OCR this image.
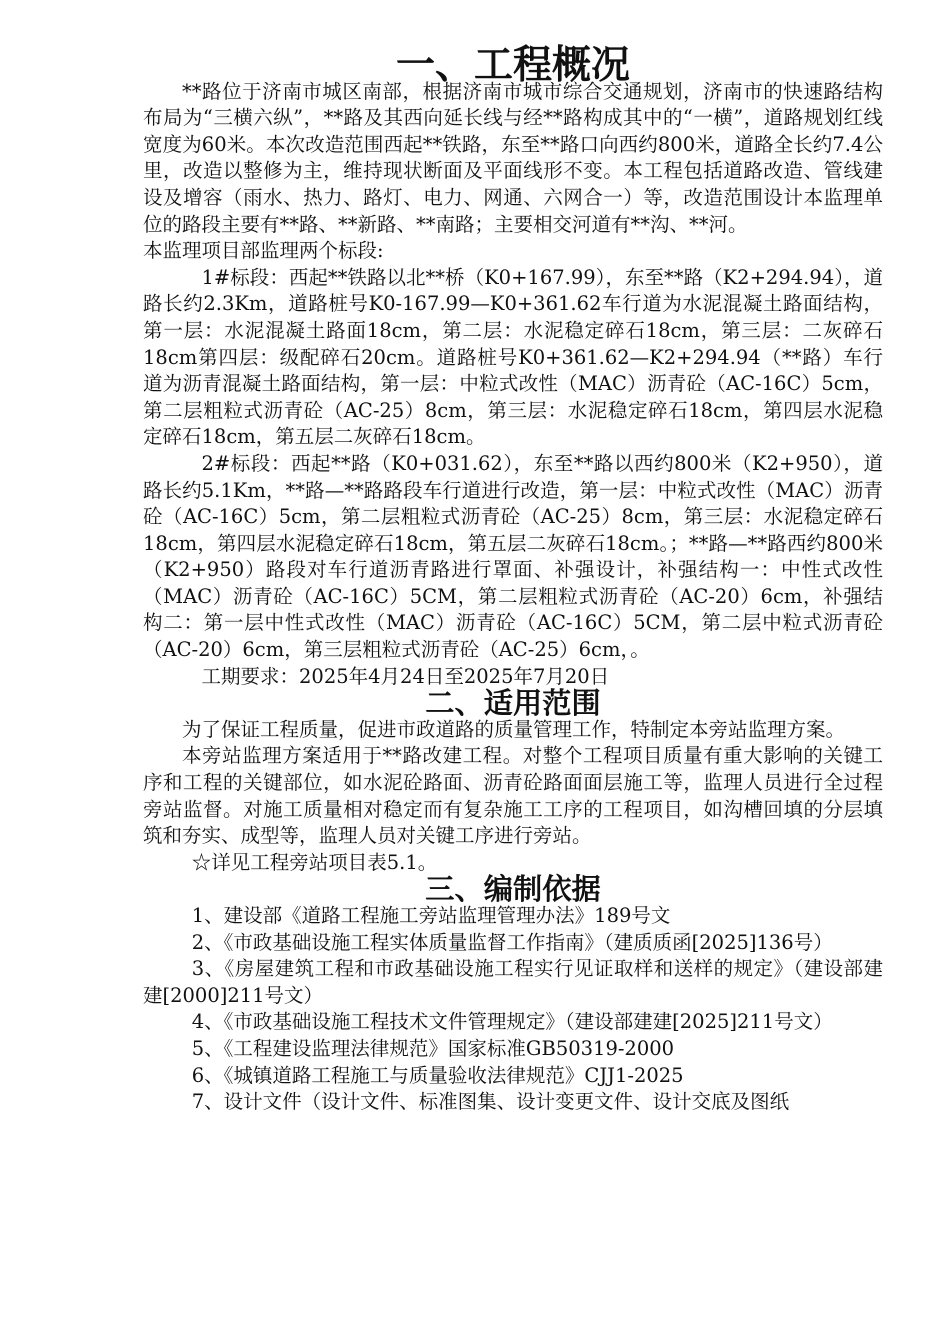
一、工程概况

**路位于济南市城区南部，根据济南市城市综合交通规划，济南市的快速路结构布局为“三横六纵”，**路及其西向延长线与经**路构成其中的“一横”，道路规划红线宽度为60米。本次改造范围西起**铁路，东至**路口向西约800米，道路全长约7.4公里，改造以整修为主，维持现状断面及平面线形不变。本工程包括道路改造、管线建设及增容（雨水、热力、路灯、电力、网通、六网合一）等，改造范围设计本监理单位的路段主要有**路、**新路、**南路；主要相交河道有**沟、**河。

本监理项目部监理两个标段:

1#标段：西起**铁路以北**桥（K0+167.99），东至**路（K2+294.94），道路长约2.3Km，道路桩号K0-167.99—K0+361.62车行道为水泥混凝土路面结构，第一层：水泥混凝土路面18cm，第二层：水泥稳定碎石18cm，第三层：二灰碎石18cm第四层：级配碎石20cm。道路桩号K0+361.62—K2+294.94（**路）车行道为沥青混凝土路面结构，第一层：中粒式改性（MAC）沥青砼（AC-16C）5cm，第二层粗粒式沥青砼（AC-25）8cm，第三层：水泥稳定碎石18cm，第四层水泥稳定碎石18cm，第五层二灰碎石18cm。

2#标段：西起**路（K0+031.62），东至**路以西约800米（K2+950），道路长约5.1Km，**路—**路路段车行道进行改造，第一层：中粒式改性（MAC）沥青砼（AC-16C）5cm，第二层粗粒式沥青砼（AC-25）8cm，第三层：水泥稳定碎石18cm，第四层水泥稳定碎石18cm，第五层二灰碎石18cm。；**路—**路西约800米（K2+950）路段对车行道沥青路进行罩面、补强设计，补强结构一：中性式改性（MAC）沥青砼（AC-16C）5CM，第二层粗粒式沥青砼（AC-20）6cm，补强结构二：第一层中性式改性（MAC）沥青砼（AC-16C）5CM，第二层中粒式沥青砼（AC-20）6cm，第三层粗粒式沥青砼（AC-25）6cm，。

工期要求：2025年4月24日至2025年7月20日

二、适用范围

为了保证工程质量，促进市政道路的质量管理工作，特制定本旁站监理方案。

本旁站监理方案适用于**路改建工程。对整个工程项目质量有重大影响的关键工序和工程的关键部位，如水泥砼路面、沥青砼路面面层施工等，监理人员进行全过程旁站监督。对施工质量相对稳定而有复杂施工工序的工程项目，如沟槽回填的分层填筑和夯实、成型等，监理人员对关键工序进行旁站。

☆详见工程旁站项目表5.1。

三、编制依据

1、建设部《道路工程施工旁站监理管理办法》189号文

2、《市政基础设施工程实体质量监督工作指南》（建质质函[2025]136号）

3、《房屋建筑工程和市政基础设施工程实行见证取样和送样的规定》（建设部建建[2000]211号文）

4、《市政基础设施工程技术文件管理规定》（建设部建建[2025]211号文）

5、《工程建设监理法律规范》国家标准GB50319-2000

6、《城镇道路工程施工与质量验收法律规范》CJJ1-2025

7、设计文件（设计文件、标准图集、设计变更文件、设计交底及图纸
